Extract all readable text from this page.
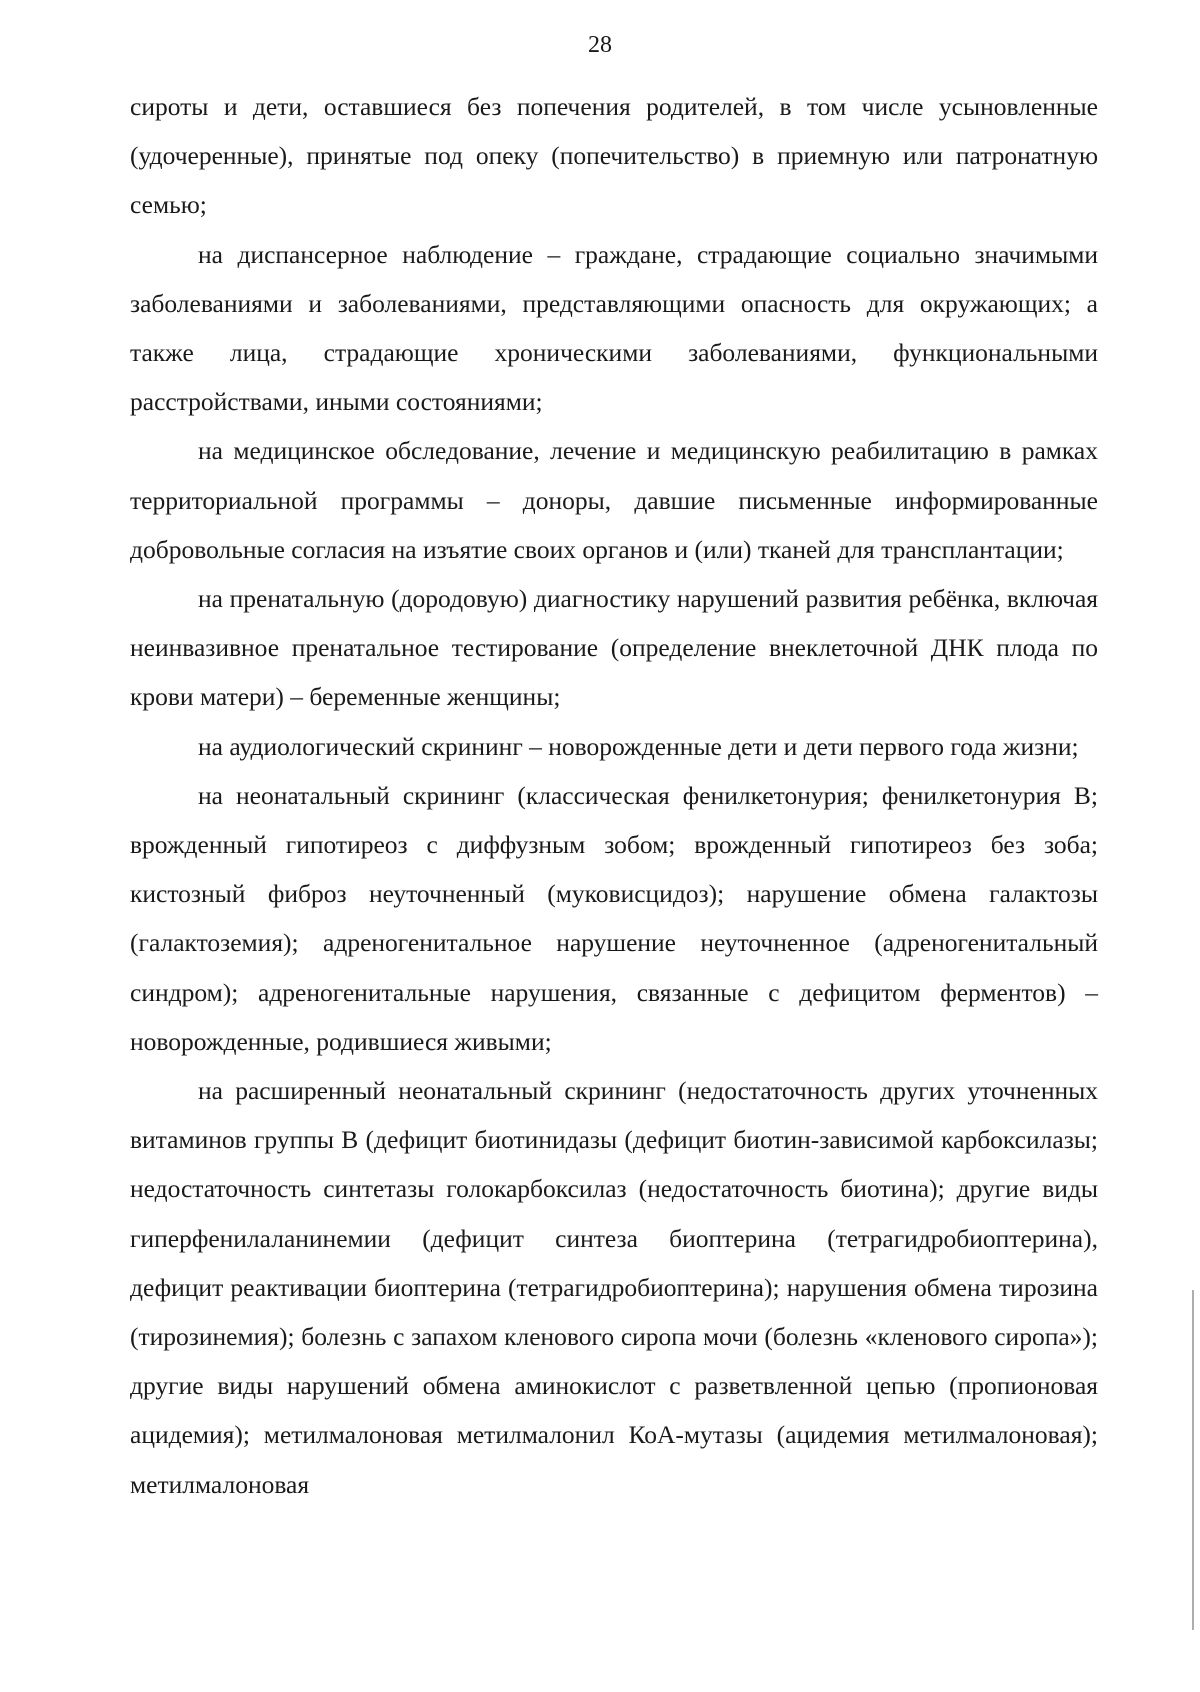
28

сироты и дети, оставшиеся без попечения родителей, в том числе усыновленные (удочеренные), принятые под опеку (попечительство) в приемную или патронатную семью;

на диспансерное наблюдение – граждане, страдающие социально значимыми заболеваниями и заболеваниями, представляющими опасность для окружающих; а также лица, страдающие хроническими заболеваниями, функциональными расстройствами, иными состояниями;

на медицинское обследование, лечение и медицинскую реабилитацию в рамках территориальной программы – доноры, давшие письменные информированные добровольные согласия на изъятие своих органов и (или) тканей для трансплантации;

на пренатальную (дородовую) диагностику нарушений развития ребёнка, включая неинвазивное пренатальное тестирование (определение внеклеточной ДНК плода по крови матери) – беременные женщины;

на аудиологический скрининг – новорожденные дети и дети первого года жизни;

на неонатальный скрининг (классическая фенилкетонурия; фенилкетонурия В; врожденный гипотиреоз с диффузным зобом; врожденный гипотиреоз без зоба; кистозный фиброз неуточненный (муковисцидоз); нарушение обмена галактозы (галактоземия); адреногенитальное нарушение неуточненное (адреногенитальный синдром); адреногенитальные нарушения, связанные с дефицитом ферментов) – новорожденные, родившиеся живыми;

на расширенный неонатальный скрининг (недостаточность других уточненных витаминов группы В (дефицит биотинидазы (дефицит биотин-зависимой карбоксилазы; недостаточность синтетазы голокарбоксилаз (недостаточность биотина); другие виды гиперфенилаланинемии (дефицит синтеза биоптерина (тетрагидробиоптерина), дефицит реактивации биоптерина (тетрагидробиоптерина); нарушения обмена тирозина (тирозинемия); болезнь с запахом кленового сиропа мочи (болезнь «кленового сиропа»); другие виды нарушений обмена аминокислот с разветвленной цепью (пропионовая ацидемия); метилмалоновая метилмалонил КоА-мутазы (ацидемия метилмалоновая); метилмалоновая
